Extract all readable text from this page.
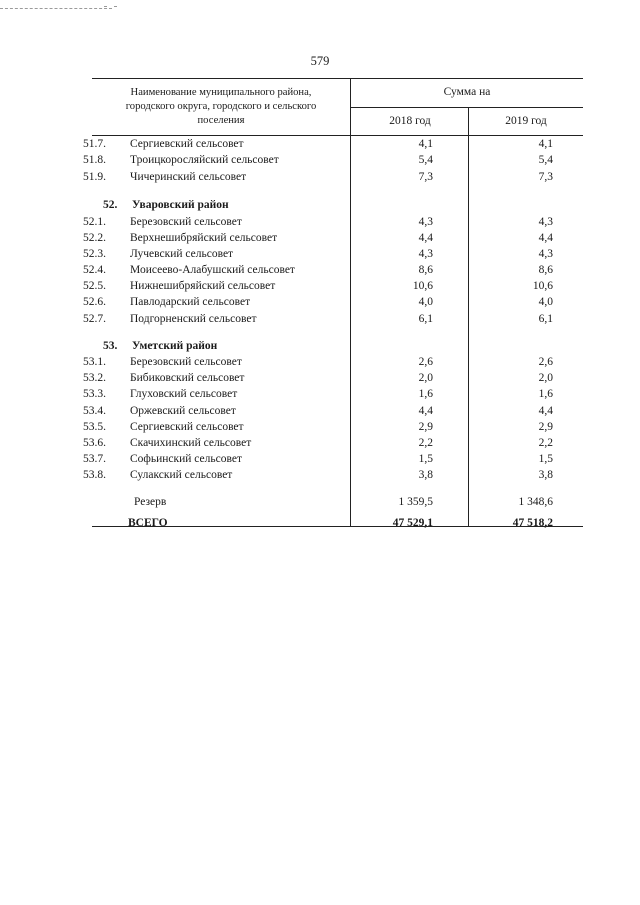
579
Наименование муниципального района,
городского округа, городского и сельского
поселения
Сумма на
2018 год	2019 год
51.7.	Сергиевский сельсовет	4,1	4,1
51.8.	Троицкоросляйский сельсовет	5,4	5,4
51.9.	Чичеринский сельсовет	7,3	7,3
52.	Уваровский район
52.1.	Березовский сельсовет	4,3	4,3
52.2.	Верхнешибряйский сельсовет	4,4	4,4
52.3.	Лучевский сельсовет	4,3	4,3
52.4.	Моисеево-Алабушский сельсовет	8,6	8,6
52.5.	Нижнешибряйский сельсовет	10,6	10,6
52.6.	Павлодарский сельсовет	4,0	4,0
52.7.	Подгорненский сельсовет	6,1	6,1
53.	Уметский район
53.1.	Березовский сельсовет	2,6	2,6
53.2.	Бибиковский сельсовет	2,0	2,0
53.3.	Глуховский сельсовет	1,6	1,6
53.4.	Оржевский сельсовет	4,4	4,4
53.5.	Сергиевский сельсовет	2,9	2,9
53.6.	Скачихинский сельсовет	2,2	2,2
53.7.	Софьинский сельсовет	1,5	1,5
53.8.	Сулакский сельсовет	3,8	3,8
Резерв	1 359,5	1 348,6
ВСЕГО	47 529,1	47 518,2
